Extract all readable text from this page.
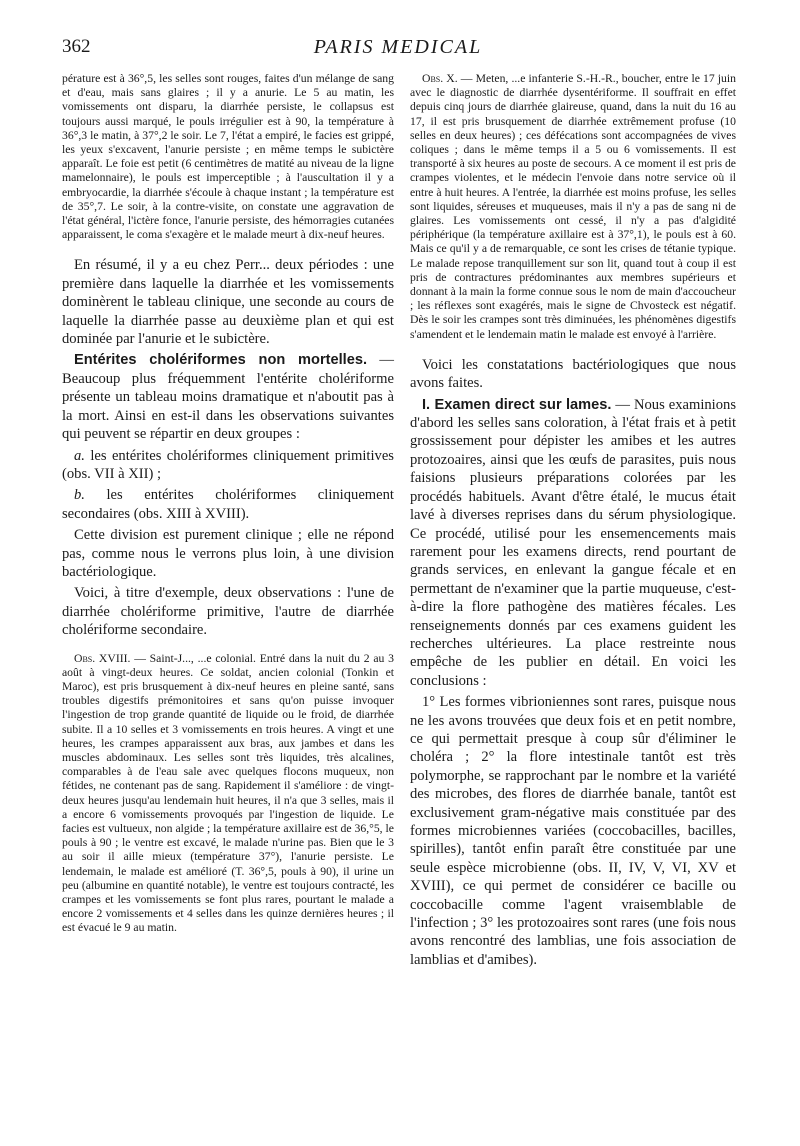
362	PARIS MEDICAL

pérature est à 36°,5, les selles sont rouges, faites d'un mélange de sang et d'eau, mais sans glaires ; il y a anurie. Le 5 au matin, les vomissements ont disparu, la diarrhée persiste, le collapsus est toujours aussi marqué, le pouls irrégulier est à 90, la température à 36°,3 le matin, à 37°,2 le soir. Le 7, l'état a empiré, le facies est grippé, les yeux s'excavent, l'anurie persiste ; en même temps le subictère apparaît. Le foie est petit (6 centimètres de matité au niveau de la ligne mamelonnaire), le pouls est imperceptible ; à l'auscultation il y a embryocardie, la diarrhée s'écoule à chaque instant ; la température est de 35°,7. Le soir, à la contre-visite, on constate une aggravation de l'état général, l'ictère fonce, l'anurie persiste, des hémorragies cutanées apparaissent, le coma s'exagère et le malade meurt à dix-neuf heures.

En résumé, il y a eu chez Perr... deux périodes : une première dans laquelle la diarrhée et les vomissements dominèrent le tableau clinique, une seconde au cours de laquelle la diarrhée passe au deuxième plan et qui est dominée par l'anurie et le subictère.

Entérites cholériformes non mortelles. — Beaucoup plus fréquemment l'entérite cholériforme présente un tableau moins dramatique et n'aboutit pas à la mort. Ainsi en est-il dans les observations suivantes qui peuvent se répartir en deux groupes :

a. les entérites cholériformes cliniquement primitives (obs. VII à XII) ;

b. les entérites cholériformes cliniquement secondaires (obs. XIII à XVIII).

Cette division est purement clinique ; elle ne répond pas, comme nous le verrons plus loin, à une division bactériologique.

Voici, à titre d'exemple, deux observations : l'une de diarrhée cholériforme primitive, l'autre de diarrhée cholériforme secondaire.

Obs. XVIII. — Saint-J..., ...e colonial. Entré dans la nuit du 2 au 3 août à vingt-deux heures. Ce soldat, ancien colonial (Tonkin et Maroc), est pris brusquement à dix-neuf heures en pleine santé, sans troubles digestifs prémonitoires et sans qu'on puisse invoquer l'ingestion de trop grande quantité de liquide ou le froid, de diarrhée subite. Il a 10 selles et 3 vomissements en trois heures. A vingt et une heures, les crampes apparaissent aux bras, aux jambes et dans les muscles abdominaux. Les selles sont très liquides, très alcalines, comparables à de l'eau sale avec quelques flocons muqueux, non fétides, ne contenant pas de sang. Rapidement il s'améliore : de vingt-deux heures jusqu'au lendemain huit heures, il n'a que 3 selles, mais il a encore 6 vomissements provoqués par l'ingestion de liquide. Le facies est vultueux, non algide ; la température axillaire est de 36,°5, le pouls à 90 ; le ventre est excavé, le malade n'urine pas. Bien que le 3 au soir il aille mieux (température 37°), l'anurie persiste. Le lendemain, le malade est amélioré (T. 36°,5, pouls à 90), il urine un peu (albumine en quantité notable), le ventre est toujours contracté, les crampes et les vomissements se font plus rares, pourtant le malade a encore 2 vomissements et 4 selles dans les quinze dernières heures ; il est évacué le 9 au matin.

Obs. X. — Meten, ...e infanterie S.-H.-R., boucher, entre le 17 juin avec le diagnostic de diarrhée dysentériforme. Il souffrait en effet depuis cinq jours de diarrhée glaireuse, quand, dans la nuit du 16 au 17, il est pris brusquement de diarrhée extrêmement profuse (10 selles en deux heures) ; ces défécations sont accompagnées de vives coliques ; dans le même temps il a 5 ou 6 vomissements. Il est transporté à six heures au poste de secours. A ce moment il est pris de crampes violentes, et le médecin l'envoie dans notre service où il entre à huit heures. A l'entrée, la diarrhée est moins profuse, les selles sont liquides, séreuses et muqueuses, mais il n'y a pas de sang ni de glaires. Les vomissements ont cessé, il n'y a pas d'algidité périphérique (la température axillaire est à 37°,1), le pouls est à 60. Mais ce qu'il y a de remarquable, ce sont les crises de tétanie typique. Le malade repose tranquillement sur son lit, quand tout à coup il est pris de contractures prédominantes aux membres supérieurs et donnant à la main la forme connue sous le nom de main d'accoucheur ; les réflexes sont exagérés, mais le signe de Chvosteck est négatif. Dès le soir les crampes sont très diminuées, les phénomènes digestifs s'amendent et le lendemain matin le malade est envoyé à l'arrière.

Voici les constatations bactériologiques que nous avons faites.

I. Examen direct sur lames. — Nous examinions d'abord les selles sans coloration, à l'état frais et à petit grossissement pour dépister les amibes et les autres protozoaires, ainsi que les œufs de parasites, puis nous faisions plusieurs préparations colorées par les procédés habituels. Avant d'être étalé, le mucus était lavé à diverses reprises dans du sérum physiologique. Ce procédé, utilisé pour les ensemencements mais rarement pour les examens directs, rend pourtant de grands services, en enlevant la gangue fécale et en permettant de n'examiner que la partie muqueuse, c'est-à-dire la flore pathogène des matières fécales. Les renseignements donnés par ces examens guident les recherches ultérieures. La place restreinte nous empêche de les publier en détail. En voici les conclusions :

1° Les formes vibrioniennes sont rares, puisque nous ne les avons trouvées que deux fois et en petit nombre, ce qui permettait presque à coup sûr d'éliminer le choléra ; 2° la flore intestinale tantôt est très polymorphe, se rapprochant par le nombre et la variété des microbes, des flores de diarrhée banale, tantôt est exclusivement gram-négative mais constituée par des formes microbiennes variées (coccobacilles, bacilles, spirilles), tantôt enfin paraît être constituée par une seule espèce microbienne (obs. II, IV, V, VI, XV et XVIII), ce qui permet de considérer ce bacille ou coccobacille comme l'agent vraisemblable de l'infection ; 3° les protozoaires sont rares (une fois nous avons rencontré des lamblias, une fois association de lamblias et d'amibes).
